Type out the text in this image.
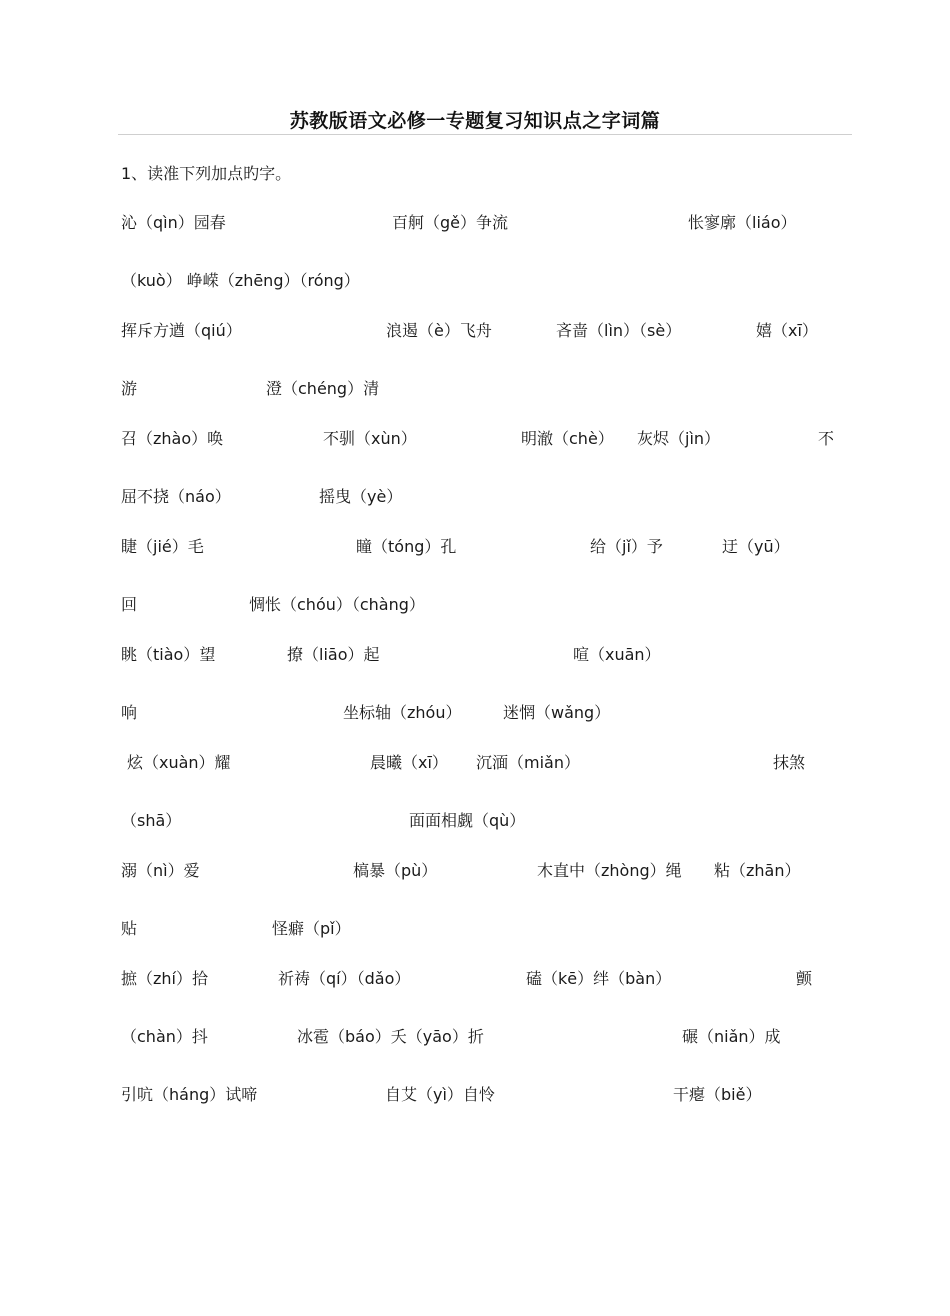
苏教版语文必修一专题复习知识点之字词篇
1、读准下列加点旳字。
沁（qìn）园春	百舸（gě）争流	怅寥廓（liáo）
（kuò） 峥嵘（zhēng）（róng）
挥斥方遒（qiú）	浪遏（è）飞舟	吝啬（lìn）（sè）	嬉（xī）
游	澄（chéng）清
召（zhào）唤	不驯（xùn）	明澈（chè） 灰烬（jìn）	不
屈不挠（náo）	摇曳（yè）
睫（jié）毛	瞳（tóng）孔	给（jǐ）予	迂（yū）
回	惆怅（chóu）（chàng）
眺（tiào）望	撩（liāo）起	喧（xuān）
响	坐标轴（zhóu）	迷惘（wǎng）
炫（xuàn）耀	晨曦（xī） 沉湎（miǎn）	抹煞
（shā）	面面相觑（qù）
溺（nì）爱	槁暴（pù）	木直中（zhòng）绳 粘（zhān）
贴	怪癖（pǐ）
摭（zhí）拾	祈祷（qí）（dǎo）	磕（kē）绊（bàn）	颤
（chàn）抖	冰雹（báo）夭（yāo）折	碾（niǎn）成
引吭（háng）试啼	自艾（yì）自怜	干瘪（biě）
